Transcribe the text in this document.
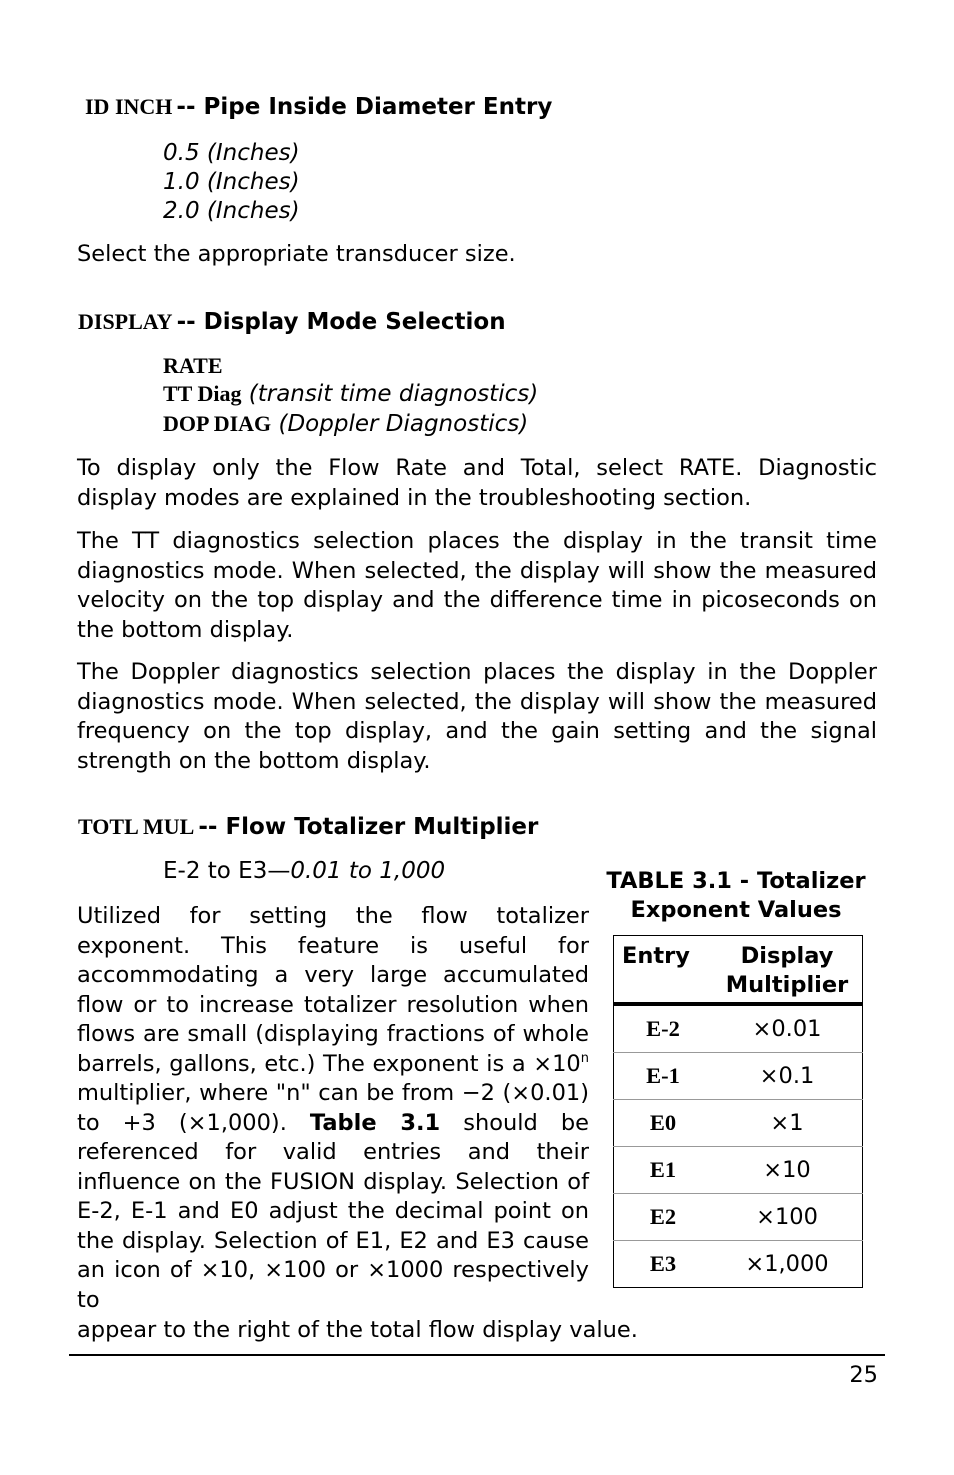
ID INCH -- Pipe Inside Diameter Entry
0.5 (Inches)
1.0 (Inches)
2.0 (Inches)

Select the appropriate transducer size.

DISPLAY -- Display Mode Selection
RATE
TT Diag (transit time diagnostics)
DOP DIAG (Doppler Diagnostics)

To display only the Flow Rate and Total, select RATE. Diagnostic display modes are explained in the troubleshooting section.

The TT diagnostics selection places the display in the transit time diagnostics mode. When selected, the display will show the measured velocity on the top display and the difference time in picoseconds on the bottom display.

The Doppler diagnostics selection places the display in the Doppler diagnostics mode. When selected, the display will show the measured frequency on the top display, and the gain setting and the signal strength on the bottom display.

TOTL MUL -- Flow Totalizer Multiplier
E-2 to E3—0.01 to 1,000

Utilized for setting the flow totalizer exponent. This feature is useful for accommodating a very large accumulated flow or to increase totalizer resolution when flows are small (displaying fractions of whole barrels, gallons, etc.) The exponent is $a \times 10^n$ multiplier, where "n" can be from −2 (×0.01) to +3 (×1,000). Table 3.1 should be referenced for valid entries and their influence on the FUSION display. Selection of E-2, E-1 and E0 adjust the decimal point on the display. Selection of E1, E2 and E3 cause an icon of ×10, ×100 or ×1000 respectively to

appear to the right of the total flow display value.

TABLE 3.1 - Totalizer
Exponent Values
Entry	Display Multiplier
E-2	×0.01
E-1	×0.1
E0	×1
E1	×10
E2	×100
E3	×1,000
25
